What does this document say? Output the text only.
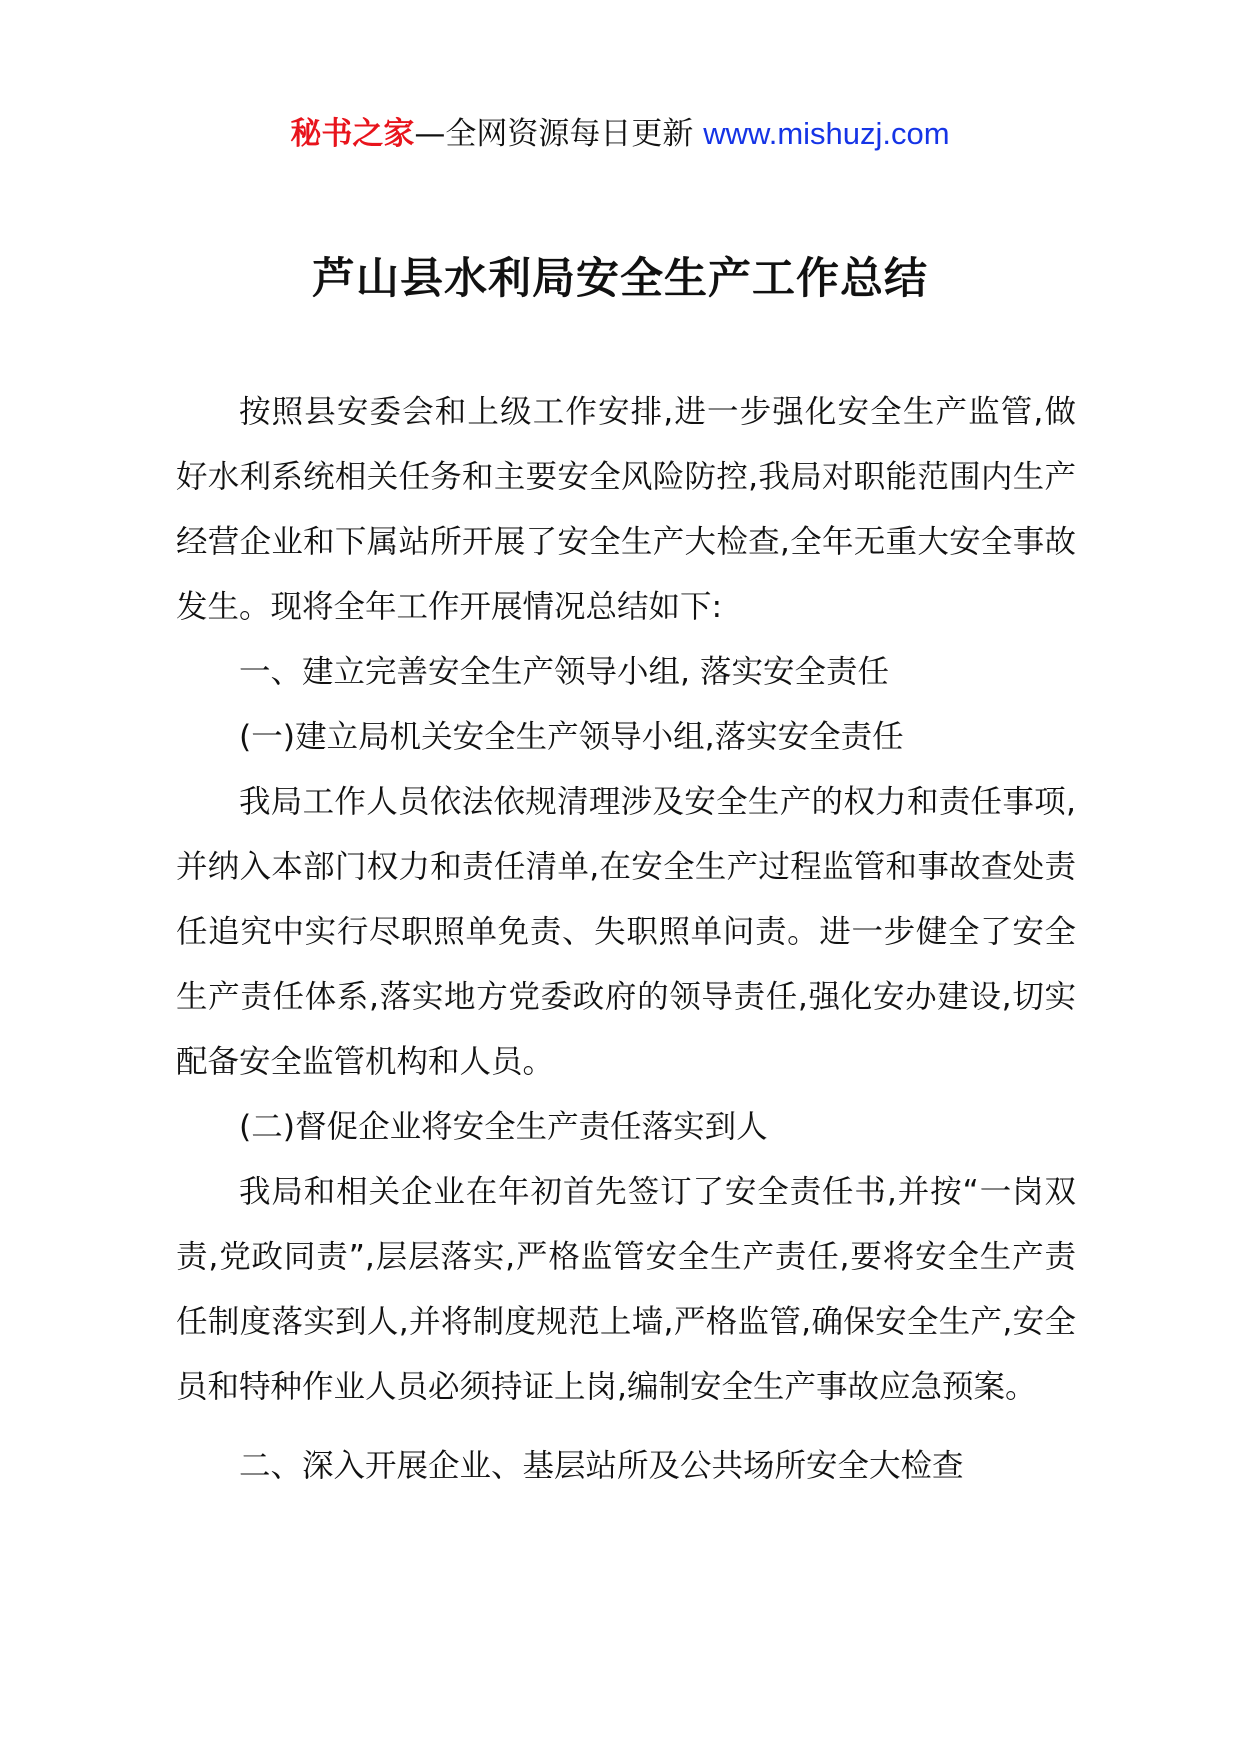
秘书之家—全网资源每日更新 www.mishuzj.com
芦山县水利局安全生产工作总结

按照县安委会和上级工作安排,进一步强化安全生产监管,做好水利系统相关任务和主要安全风险防控,我局对职能范围内生产经营企业和下属站所开展了安全生产大检查,全年无重大安全事故发生。现将全年工作开展情况总结如下:

一、建立完善安全生产领导小组, 落实安全责任

(一)建立局机关安全生产领导小组,落实安全责任

我局工作人员依法依规清理涉及安全生产的权力和责任事项,并纳入本部门权力和责任清单,在安全生产过程监管和事故查处责任追究中实行尽职照单免责、失职照单问责。进一步健全了安全生产责任体系,落实地方党委政府的领导责任,强化安办建设,切实配备安全监管机构和人员。

(二)督促企业将安全生产责任落实到人

我局和相关企业在年初首先签订了安全责任书,并按“一岗双责,党政同责”,层层落实,严格监管安全生产责任,要将安全生产责任制度落实到人,并将制度规范上墙,严格监管,确保安全生产,安全员和特种作业人员必须持证上岗,编制安全生产事故应急预案。

二、深入开展企业、基层站所及公共场所安全大检查
